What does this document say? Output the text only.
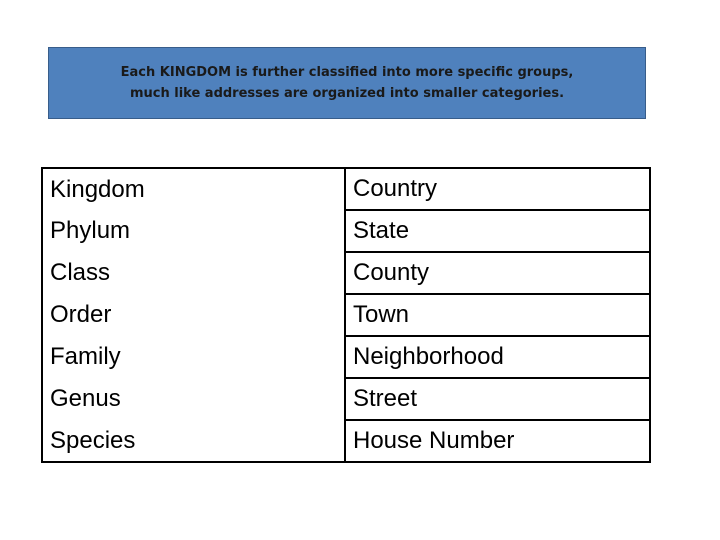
Each KINGDOM is further classified into more specific groups,
much like addresses are organized into smaller categories.
Kingdom	Country
Phylum	State
Class	County
Order	Town
Family	Neighborhood
Genus	Street
Species	House Number
